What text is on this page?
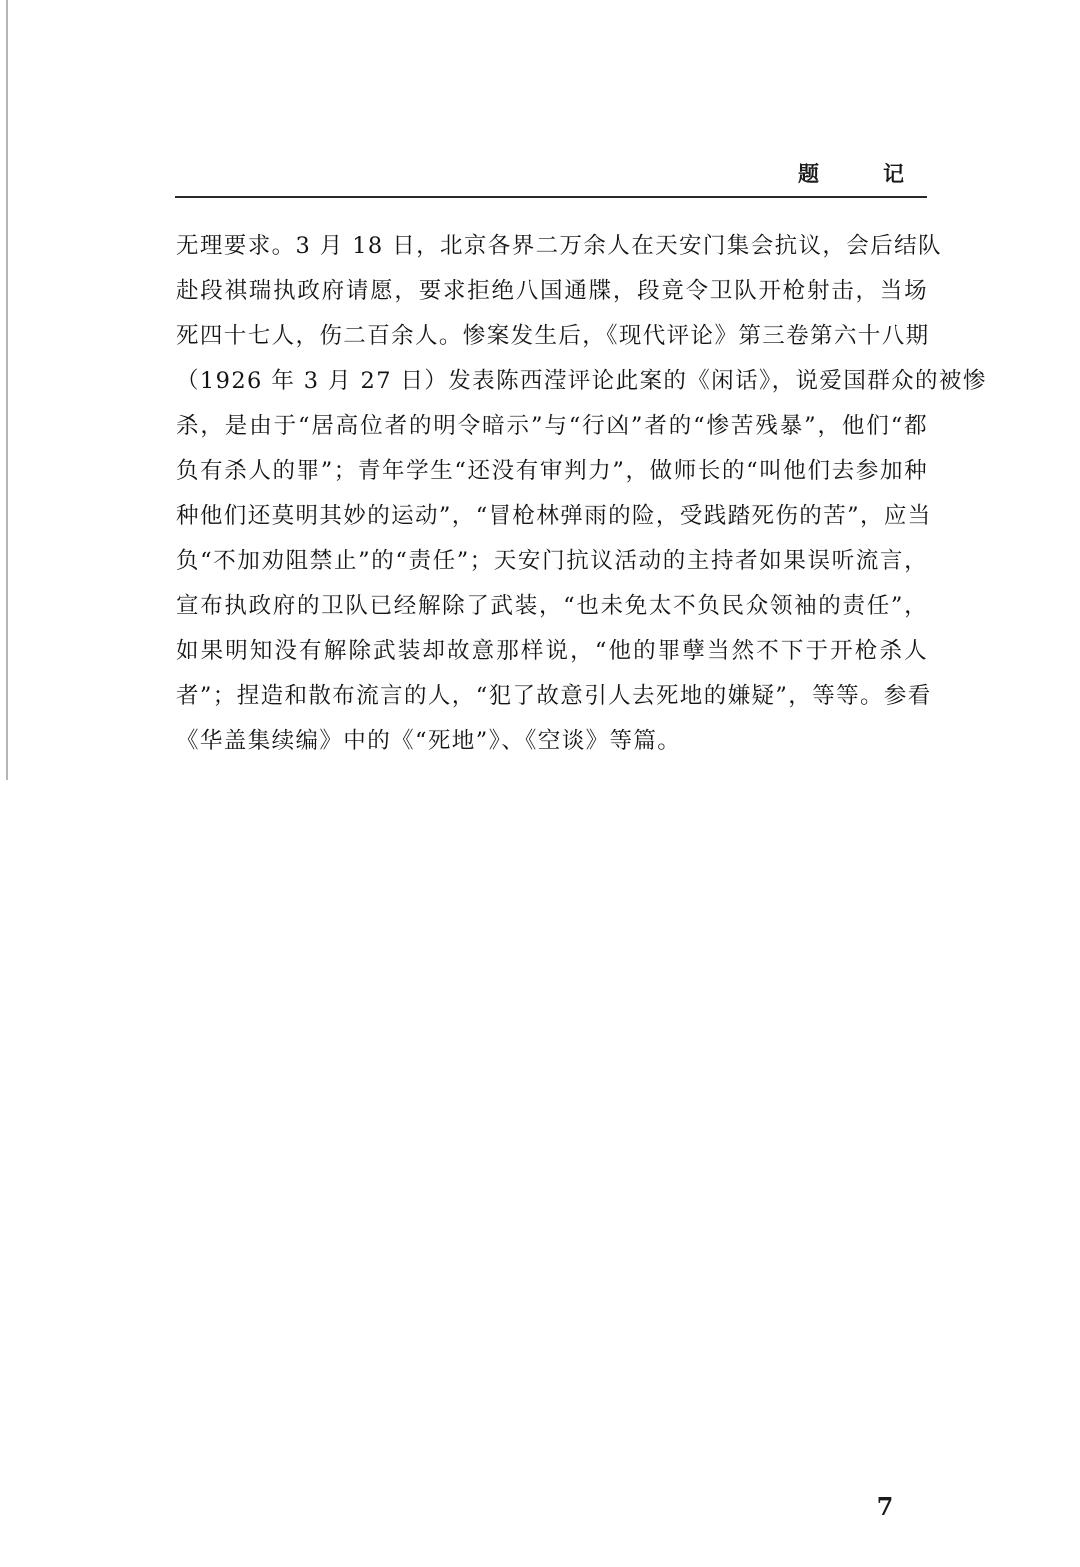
题	记
无理要求。3 月 18 日，北京各界二万余人在天安门集会抗议，会后结队
赴段祺瑞执政府请愿，要求拒绝八国通牒，段竟令卫队开枪射击，当场
死四十七人，伤二百余人。惨案发生后，《现代评论》第三卷第六十八期
（1926 年 3 月 27 日）发表陈西滢评论此案的《闲话》，说爱国群众的被惨
杀，是由于“居高位者的明令暗示”与“行凶”者的“惨苦残暴”，他们“都
负有杀人的罪”；青年学生“还没有审判力”，做师长的“叫他们去参加种
种他们还莫明其妙的运动”，“冒枪林弹雨的险，受践踏死伤的苦”，应当
负“不加劝阻禁止”的“责任”；天安门抗议活动的主持者如果误听流言，
宣布执政府的卫队已经解除了武装，“也未免太不负民众领袖的责任”，
如果明知没有解除武装却故意那样说，“他的罪孽当然不下于开枪杀人
者”；捏造和散布流言的人，“犯了故意引人去死地的嫌疑”，等等。参看
《华盖集续编》中的《“死地”》、《空谈》等篇。
7
